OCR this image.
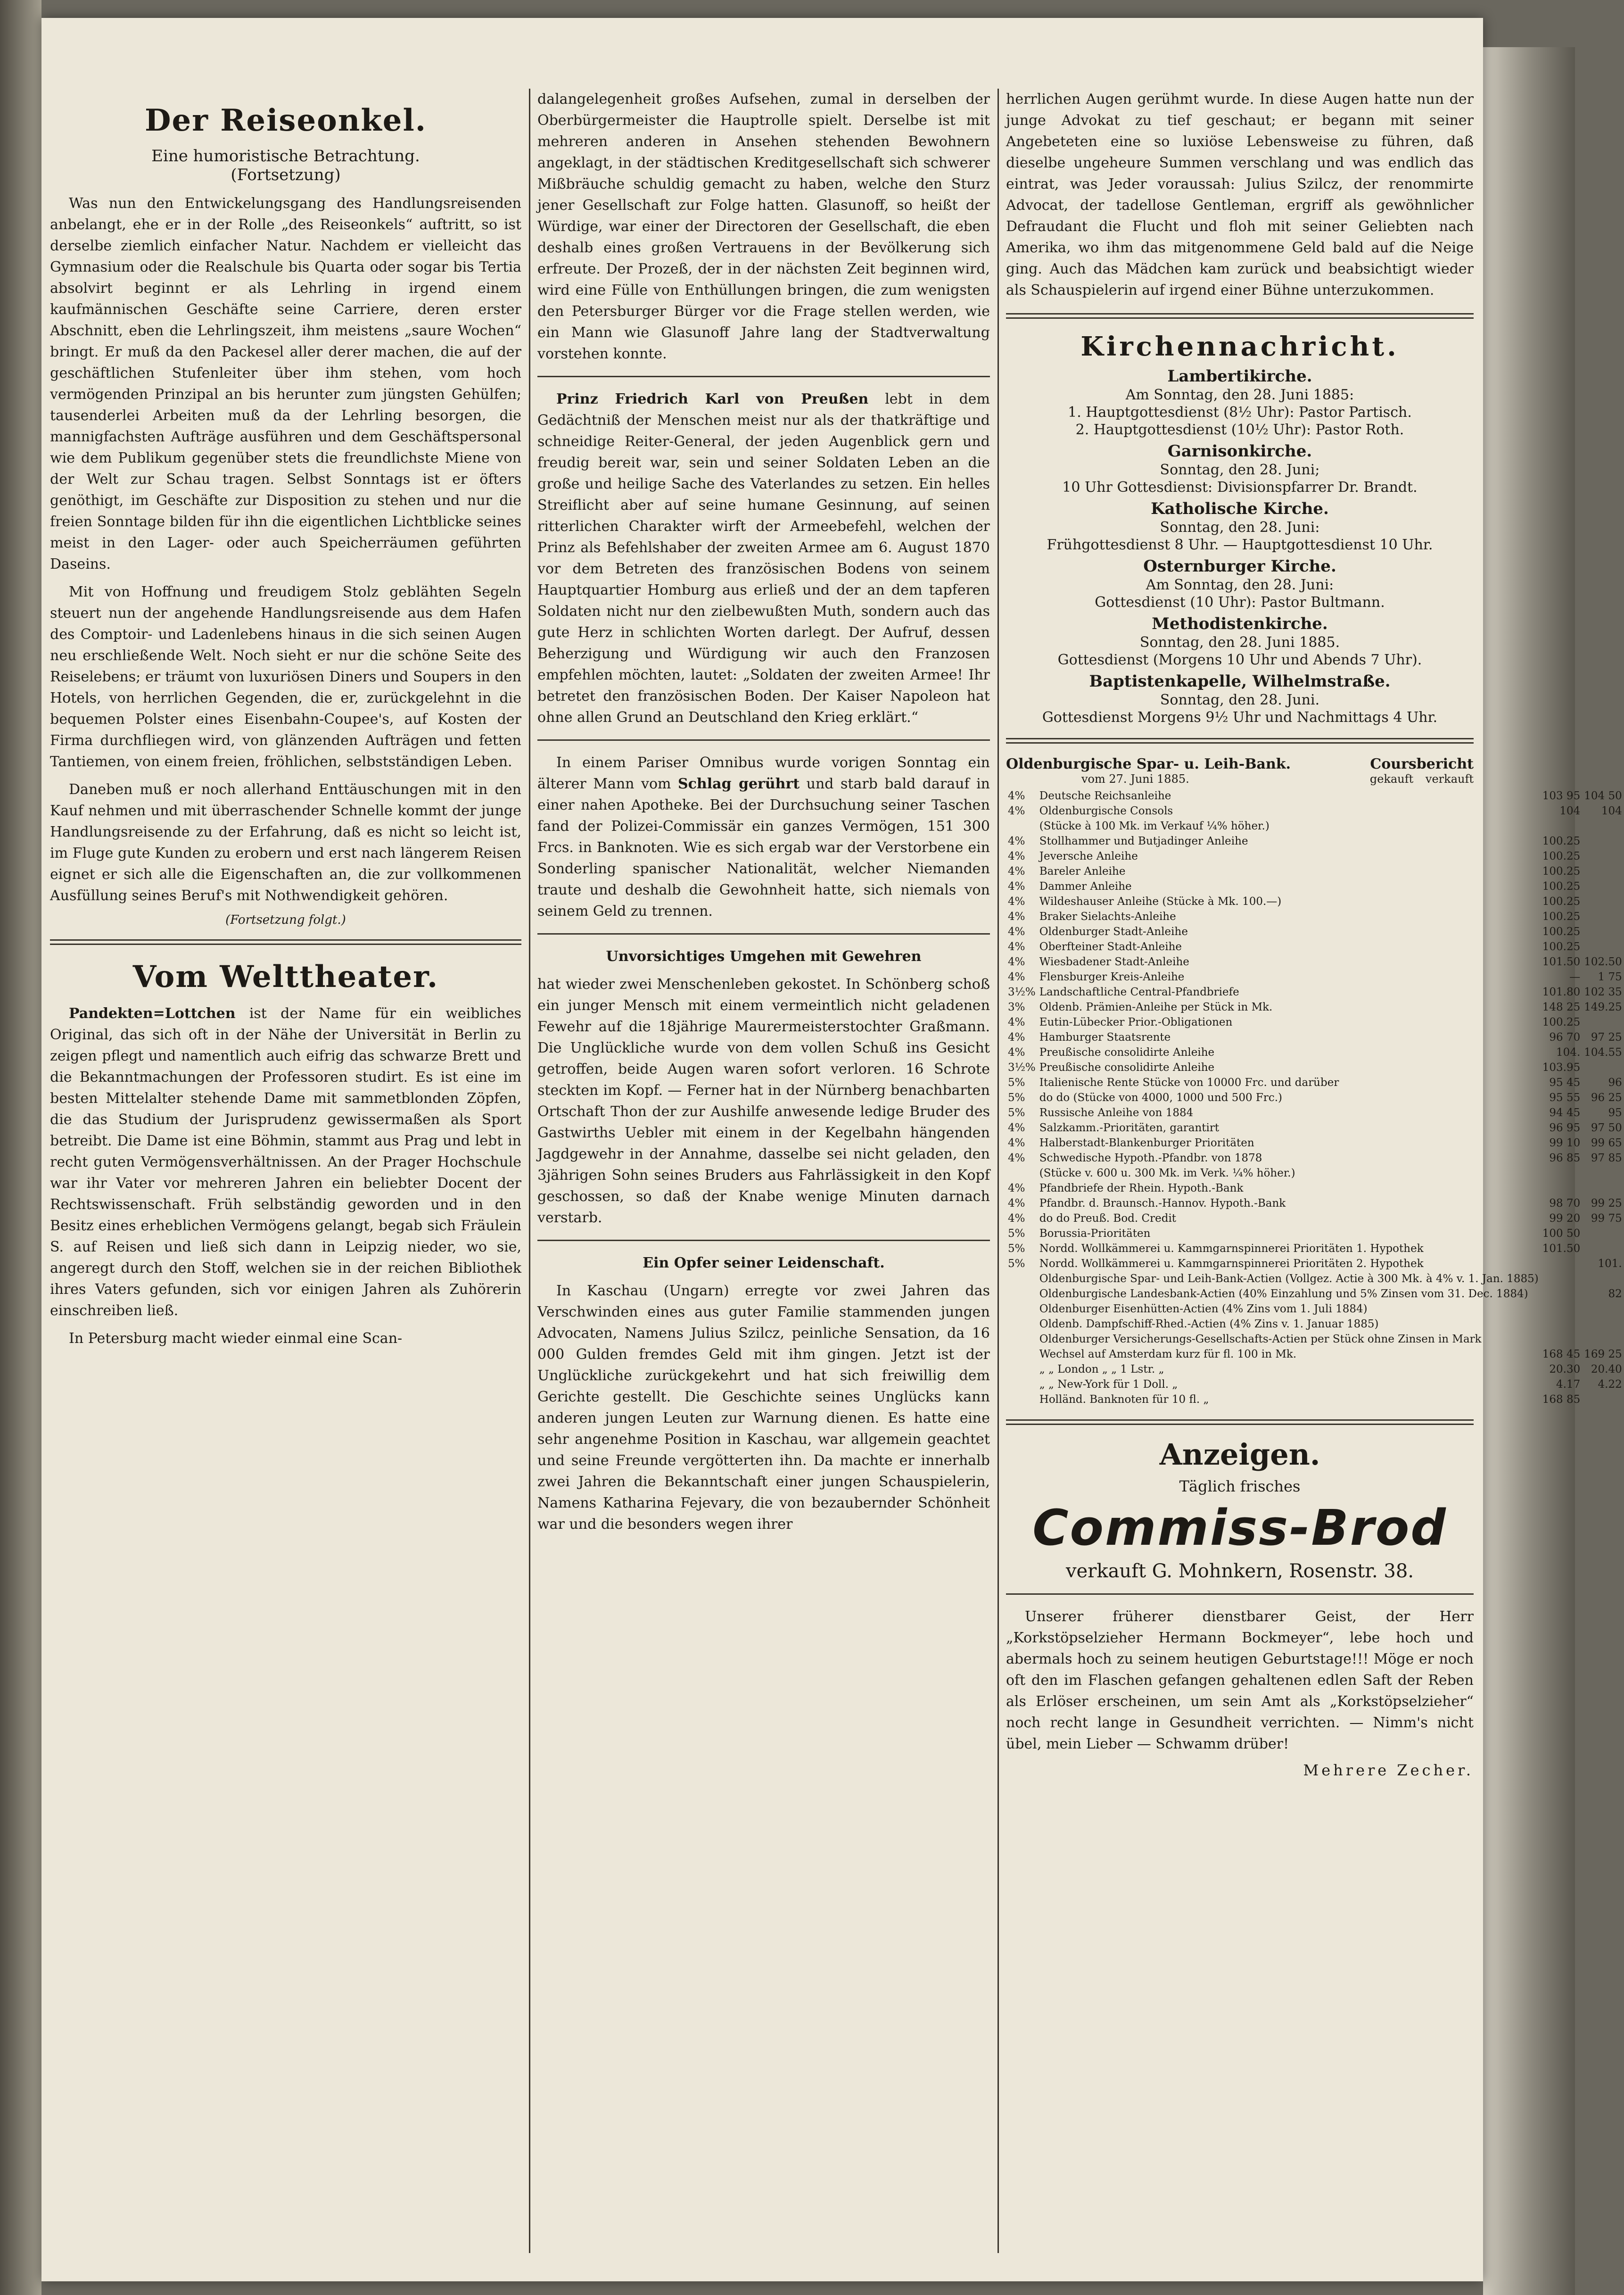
Der Reiseonkel.
Eine humoristische Betrachtung.
(Fortsetzung)

Was nun den Entwickelungsgang des Handlungsreisenden anbelangt, ehe er in der Rolle „des Reiseonkels“ auftritt, so ist derselbe ziemlich einfacher Natur. Nachdem er vielleicht das Gymnasium oder die Realschule bis Quarta oder sogar bis Tertia absolvirt beginnt er als Lehrling in irgend einem kaufmännischen Geschäfte seine Carriere, deren erster Abschnitt, eben die Lehrlingszeit, ihm meistens „saure Wochen“ bringt. Er muß da den Packesel aller derer machen, die auf der geschäftlichen Stufenleiter über ihm stehen, vom hoch vermögenden Prinzipal an bis herunter zum jüngsten Gehülfen; tausenderlei Arbeiten muß da der Lehrling besorgen, die mannigfachsten Aufträge ausführen und dem Geschäftspersonal wie dem Publikum gegenüber stets die freundlichste Miene von der Welt zur Schau tragen. Selbst Sonntags ist er öfters genöthigt, im Geschäfte zur Disposition zu stehen und nur die freien Sonntage bilden für ihn die eigentlichen Lichtblicke seines meist in den Lager- oder auch Speicherräumen geführten Daseins.

Mit von Hoffnung und freudigem Stolz geblähten Segeln steuert nun der angehende Handlungsreisende aus dem Hafen des Comptoir- und Ladenlebens hinaus in die sich seinen Augen neu erschließende Welt. Noch sieht er nur die schöne Seite des Reiselebens; er träumt von luxuriösen Diners und Soupers in den Hotels, von herrlichen Gegenden, die er, zurückgelehnt in die bequemen Polster eines Eisenbahn-Coupee's, auf Kosten der Firma durchfliegen wird, von glänzenden Aufträgen und fetten Tantiemen, von einem freien, fröhlichen, selbstständigen Leben.

Daneben muß er noch allerhand Enttäuschungen mit in den Kauf nehmen und mit überraschender Schnelle kommt der junge Handlungsreisende zu der Erfahrung, daß es nicht so leicht ist, im Fluge gute Kunden zu erobern und erst nach längerem Reisen eignet er sich alle die Eigenschaften an, die zur vollkommenen Ausfüllung seines Beruf's mit Nothwendigkeit gehören.

(Fortsetzung folgt.)
Vom Welttheater.

Pandekten=Lottchen ist der Name für ein weibliches Original, das sich oft in der Nähe der Universität in Berlin zu zeigen pflegt und namentlich auch eifrig das schwarze Brett und die Bekanntmachungen der Professoren studirt. Es ist eine im besten Mittelalter stehende Dame mit sammetblonden Zöpfen, die das Studium der Jurisprudenz gewissermaßen als Sport betreibt. Die Dame ist eine Böhmin, stammt aus Prag und lebt in recht guten Vermögensverhältnissen. An der Prager Hochschule war ihr Vater vor mehreren Jahren ein beliebter Docent der Rechtswissenschaft. Früh selbständig geworden und in den Besitz eines erheblichen Vermögens gelangt, begab sich Fräulein S. auf Reisen und ließ sich dann in Leipzig nieder, wo sie, angeregt durch den Stoff, welchen sie in der reichen Bibliothek ihres Vaters gefunden, sich vor einigen Jahren als Zuhörerin einschreiben ließ.

In Petersburg macht wieder einmal eine Scan-

dalangelegenheit großes Aufsehen, zumal in derselben der Oberbürgermeister die Hauptrolle spielt. Derselbe ist mit mehreren anderen in Ansehen stehenden Bewohnern angeklagt, in der städtischen Kreditgesellschaft sich schwerer Mißbräuche schuldig gemacht zu haben, welche den Sturz jener Gesellschaft zur Folge hatten. Glasunoff, so heißt der Würdige, war einer der Directoren der Gesellschaft, die eben deshalb eines großen Vertrauens in der Bevölkerung sich erfreute. Der Prozeß, der in der nächsten Zeit beginnen wird, wird eine Fülle von Enthüllungen bringen, die zum wenigsten den Petersburger Bürger vor die Frage stellen werden, wie ein Mann wie Glasunoff Jahre lang der Stadtverwaltung vorstehen konnte.

Prinz Friedrich Karl von Preußen lebt in dem Gedächtniß der Menschen meist nur als der thatkräftige und schneidige Reiter-General, der jeden Augenblick gern und freudig bereit war, sein und seiner Soldaten Leben an die große und heilige Sache des Vaterlandes zu setzen. Ein helles Streiflicht aber auf seine humane Gesinnung, auf seinen ritterlichen Charakter wirft der Armeebefehl, welchen der Prinz als Befehlshaber der zweiten Armee am 6. August 1870 vor dem Betreten des französischen Bodens von seinem Hauptquartier Homburg aus erließ und der an dem tapferen Soldaten nicht nur den zielbewußten Muth, sondern auch das gute Herz in schlichten Worten darlegt. Der Aufruf, dessen Beherzigung und Würdigung wir auch den Franzosen empfehlen möchten, lautet: „Soldaten der zweiten Armee! Ihr betretet den französischen Boden. Der Kaiser Napoleon hat ohne allen Grund an Deutschland den Krieg erklärt.“

In einem Pariser Omnibus wurde vorigen Sonntag ein älterer Mann vom Schlag gerührt und starb bald darauf in einer nahen Apotheke. Bei der Durchsuchung seiner Taschen fand der Polizei-Commissär ein ganzes Vermögen, 151 300 Frcs. in Banknoten. Wie es sich ergab war der Verstorbene ein Sonderling spanischer Nationalität, welcher Niemanden traute und deshalb die Gewohnheit hatte, sich niemals von seinem Geld zu trennen.

Unvorsichtiges Umgehen mit Gewehren

hat wieder zwei Menschenleben gekostet. In Schönberg schoß ein junger Mensch mit einem vermeintlich nicht geladenen Fewehr auf die 18jährige Maurermeisterstochter Graßmann. Die Unglückliche wurde von dem vollen Schuß ins Gesicht getroffen, beide Augen waren sofort verloren. 16 Schrote steckten im Kopf. — Ferner hat in der Nürnberg benachbarten Ortschaft Thon der zur Aushilfe anwesende ledige Bruder des Gastwirths Uebler mit einem in der Kegelbahn hängenden Jagdgewehr in der Annahme, dasselbe sei nicht geladen, den 3jährigen Sohn seines Bruders aus Fahrlässigkeit in den Kopf geschossen, so daß der Knabe wenige Minuten darnach verstarb.

Ein Opfer seiner Leidenschaft.

In Kaschau (Ungarn) erregte vor zwei Jahren das Verschwinden eines aus guter Familie stammenden jungen Advocaten, Namens Julius Szilcz, peinliche Sensation, da 16 000 Gulden fremdes Geld mit ihm gingen. Jetzt ist der Unglückliche zurückgekehrt und hat sich freiwillig dem Gerichte gestellt. Die Geschichte seines Unglücks kann anderen jungen Leuten zur Warnung dienen. Es hatte eine sehr angenehme Position in Kaschau, war allgemein geachtet und seine Freunde vergötterten ihn. Da machte er innerhalb zwei Jahren die Bekanntschaft einer jungen Schauspielerin, Namens Katharina Fejevary, die von bezaubernder Schönheit war und die besonders wegen ihrer

herrlichen Augen gerühmt wurde. In diese Augen hatte nun der junge Advokat zu tief geschaut; er begann mit seiner Angebeteten eine so luxiöse Lebensweise zu führen, daß dieselbe ungeheure Summen verschlang und was endlich das eintrat, was Jeder voraussah: Julius Szilcz, der renommirte Advocat, der tadellose Gentleman, ergriff als gewöhnlicher Defraudant die Flucht und floh mit seiner Geliebten nach Amerika, wo ihm das mitgenommene Geld bald auf die Neige ging. Auch das Mädchen kam zurück und beabsichtigt wieder als Schauspielerin auf irgend einer Bühne unterzukommen.

Kirchennachricht.
Lambertikirche.
Am Sonntag, den 28. Juni 1885:
1. Hauptgottesdienst (8½ Uhr): Pastor Partisch.
2. Hauptgottesdienst (10½ Uhr): Pastor Roth.
Garnisonkirche.
Sonntag, den 28. Juni;
10 Uhr Gottesdienst: Divisionspfarrer Dr. Brandt.
Katholische Kirche.
Sonntag, den 28. Juni:
Frühgottesdienst 8 Uhr. — Hauptgottesdienst 10 Uhr.
Osternburger Kirche.
Am Sonntag, den 28. Juni:
Gottesdienst (10 Uhr): Pastor Bultmann.
Methodistenkirche.
Sonntag, den 28. Juni 1885.
Gottesdienst (Morgens 10 Uhr und Abends 7 Uhr).
Baptistenkapelle, Wilhelmstraße.
Sonntag, den 28. Juni.
Gottesdienst Morgens 9½ Uhr und Nachmittags 4 Uhr.
Oldenburgische Spar- u. Leih-Bank.	Coursbericht
vom 27. Juni 1885.	gekauft verkauft
4%	Deutsche Reichsanleihe	103 95	104 50
4%	Oldenburgische Consols	104	104
	(Stücke à 100 Mk. im Verkauf ¼% höher.)		
4%	Stollhammer und Butjadinger Anleihe	100.25	
4%	Jeversche Anleihe	100.25	
4%	Bareler Anleihe	100.25	
4%	Dammer Anleihe	100.25	
4%	Wildeshauser Anleihe (Stücke à Mk. 100.—)	100.25	
4%	Braker Sielachts-Anleihe	100.25	
4%	Oldenburger Stadt-Anleihe	100.25	
4%	Oberfteiner Stadt-Anleihe	100.25	
4%	Wiesbadener Stadt-Anleihe	101.50	102.50
4%	Flensburger Kreis-Anleihe	—	1 75
3½%	Landschaftliche Central-Pfandbriefe	101.80	102 35
3%	Oldenb. Prämien-Anleihe per Stück in Mk.	148 25	149.25
4%	Eutin-Lübecker Prior.-Obligationen	100.25	
4%	Hamburger Staatsrente	96 70	97 25
4%	Preußische consolidirte Anleihe	104.	104.55
3½%	Preußische consolidirte Anleihe	103.95	
5%	Italienische Rente Stücke von 10000 Frc. und darüber	95 45	96
5%	do do (Stücke von 4000, 1000 und 500 Frc.)	95 55	96 25
5%	Russische Anleihe von 1884	94 45	95
4%	Salzkamm.-Prioritäten, garantirt	96 95	97 50
4%	Halberstadt-Blankenburger Prioritäten	99 10	99 65
4%	Schwedische Hypoth.-Pfandbr. von 1878	96 85	97 85
	(Stücke v. 600 u. 300 Mk. im Verk. ¼% höher.)		
4%	Pfandbriefe der Rhein. Hypoth.-Bank		
4%	Pfandbr. d. Braunsch.-Hannov. Hypoth.-Bank	98 70	99 25
4%	do do Preuß. Bod. Credit	99 20	99 75
5%	Borussia-Prioritäten	100 50	
5%	Nordd. Wollkämmerei u. Kammgarnspinnerei Prioritäten 1. Hypothek	101.50	
5%	Nordd. Wollkämmerei u. Kammgarnspinnerei Prioritäten 2. Hypothek		101.
	Oldenburgische Spar- und Leih-Bank-Actien (Vollgez. Actie à 300 Mk. à 4% v. 1. Jan. 1885)		
	Oldenburgische Landesbank-Actien (40% Einzahlung und 5% Zinsen vom 31. Dec. 1884)		82
	Oldenburger Eisenhütten-Actien (4% Zins vom 1. Juli 1884)		
	Oldenb. Dampfschiff-Rhed.-Actien (4% Zins v. 1. Januar 1885)		
	Oldenburger Versicherungs-Gesellschafts-Actien per Stück ohne Zinsen in Mark		
	Wechsel auf Amsterdam kurz für fl. 100 in Mk.	168 45	169 25
	„ „ London „ „ 1 Lstr. „	20.30	20.40
	„ „ New-York für 1 Doll. „	4.17	4.22
	Holländ. Banknoten für 10 fl. „	168 85	
Anzeigen.
Täglich frisches
Commiss-Brod
verkauft G. Mohnkern, Rosenstr. 38.

Unserer früherer dienstbarer Geist, der Herr „Korkstöpselzieher Hermann Bockmeyer“, lebe hoch und abermals hoch zu seinem heutigen Geburtstage!!! Möge er noch oft den im Flaschen gefangen gehaltenen edlen Saft der Reben als Erlöser erscheinen, um sein Amt als „Korkstöpselzieher“ noch recht lange in Gesundheit verrichten. — Nimm's nicht übel, mein Lieber — Schwamm drüber!

Mehrere Zecher.
